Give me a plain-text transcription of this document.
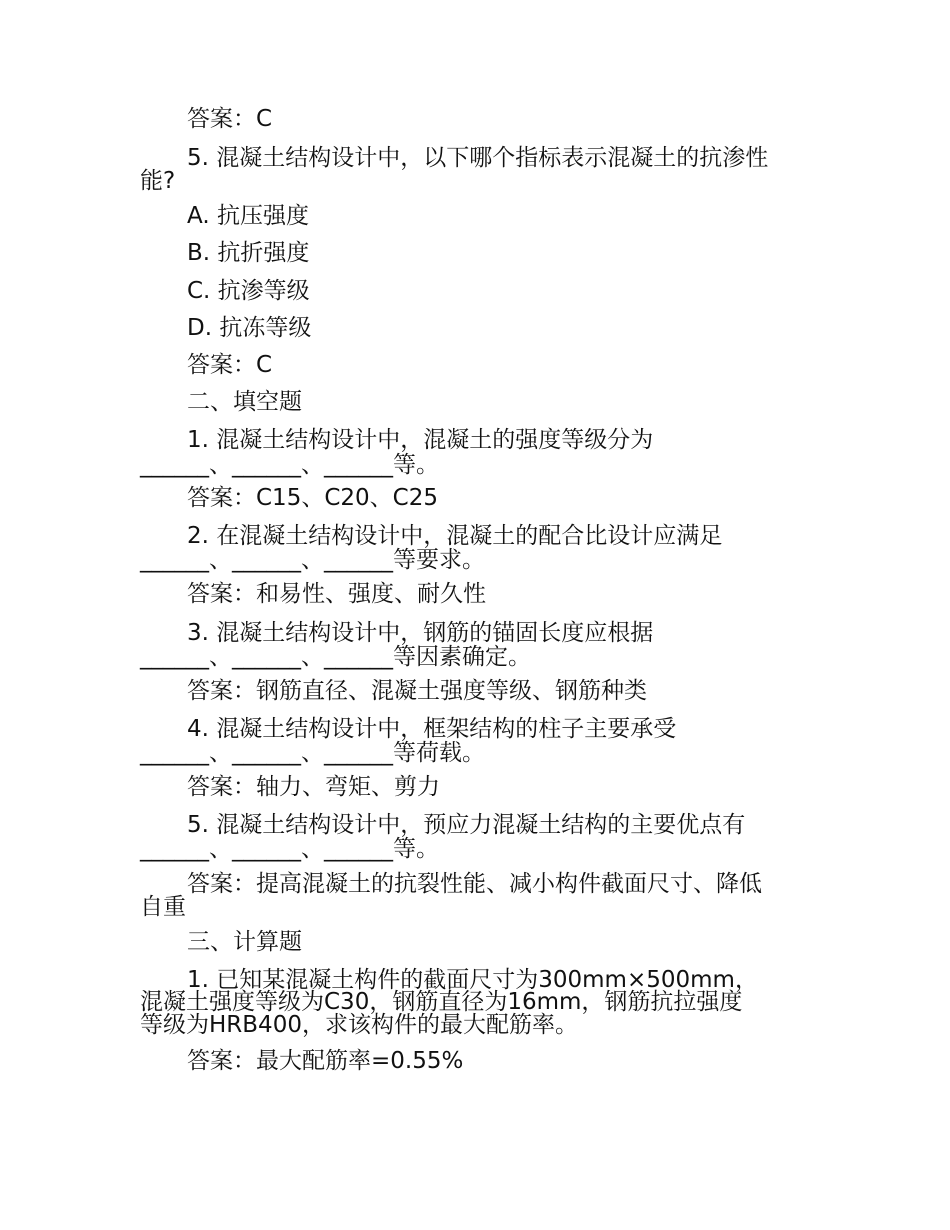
答案：C
5. 混凝土结构设计中，以下哪个指标表示混凝土的抗渗性
能?
A. 抗压强度
B. 抗折强度
C. 抗渗等级
D. 抗冻等级
答案：C
二、填空题
1. 混凝土结构设计中，混凝土的强度等级分为
______、______、______等。
答案：C15、C20、C25
2. 在混凝土结构设计中，混凝土的配合比设计应满足
______、______、______等要求。
答案：和易性、强度、耐久性
3. 混凝土结构设计中，钢筋的锚固长度应根据
______、______、______等因素确定。
答案：钢筋直径、混凝土强度等级、钢筋种类
4. 混凝土结构设计中，框架结构的柱子主要承受
______、______、______等荷载。
答案：轴力、弯矩、剪力
5. 混凝土结构设计中，预应力混凝土结构的主要优点有
______、______、______等。
答案：提高混凝土的抗裂性能、减小构件截面尺寸、降低
自重
三、计算题
1. 已知某混凝土构件的截面尺寸为300mm×500mm，
混凝土强度等级为C30，钢筋直径为16mm，钢筋抗拉强度
等级为HRB400，求该构件的最大配筋率。
答案：最大配筋率=0.55%
